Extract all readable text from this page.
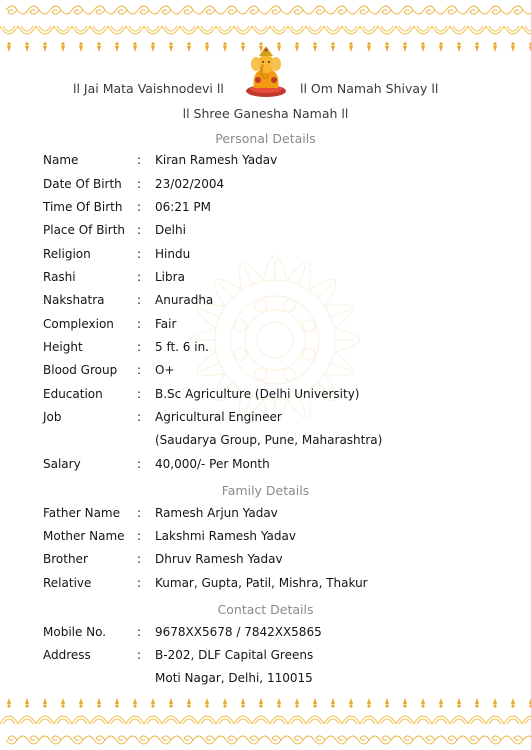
ll Jai Mata Vaishnodevi ll	ll Om Namah Shivay ll
ll Shree Ganesha Namah ll
Personal Details
Name	: Kiran Ramesh Yadav
Date Of Birth : 23/02/2004
Time Of Birth : 06:21 PM
Place Of Birth : Delhi
Religion	: Hindu
Rashi	: Libra
Nakshatra	: Anuradha
Complexion : Fair
Height	: 5 ft. 6 in.
Blood Group : O+
Education	: B.Sc Agriculture (Delhi University)
Job	: Agricultural Engineer
(Saudarya Group, Pune, Maharashtra)
Salary	: 40,000/- Per Month
Family Details
Father Name : Ramesh Arjun Yadav
Mother Name : Lakshmi Ramesh Yadav
Brother	: Dhruv Ramesh Yadav
Relative	: Kumar, Gupta, Patil, Mishra, Thakur
Contact Details
Mobile No.	: 9678XX5678 / 7842XX5865
Address	: B-202, DLF Capital Greens
Moti Nagar, Delhi, 110015
